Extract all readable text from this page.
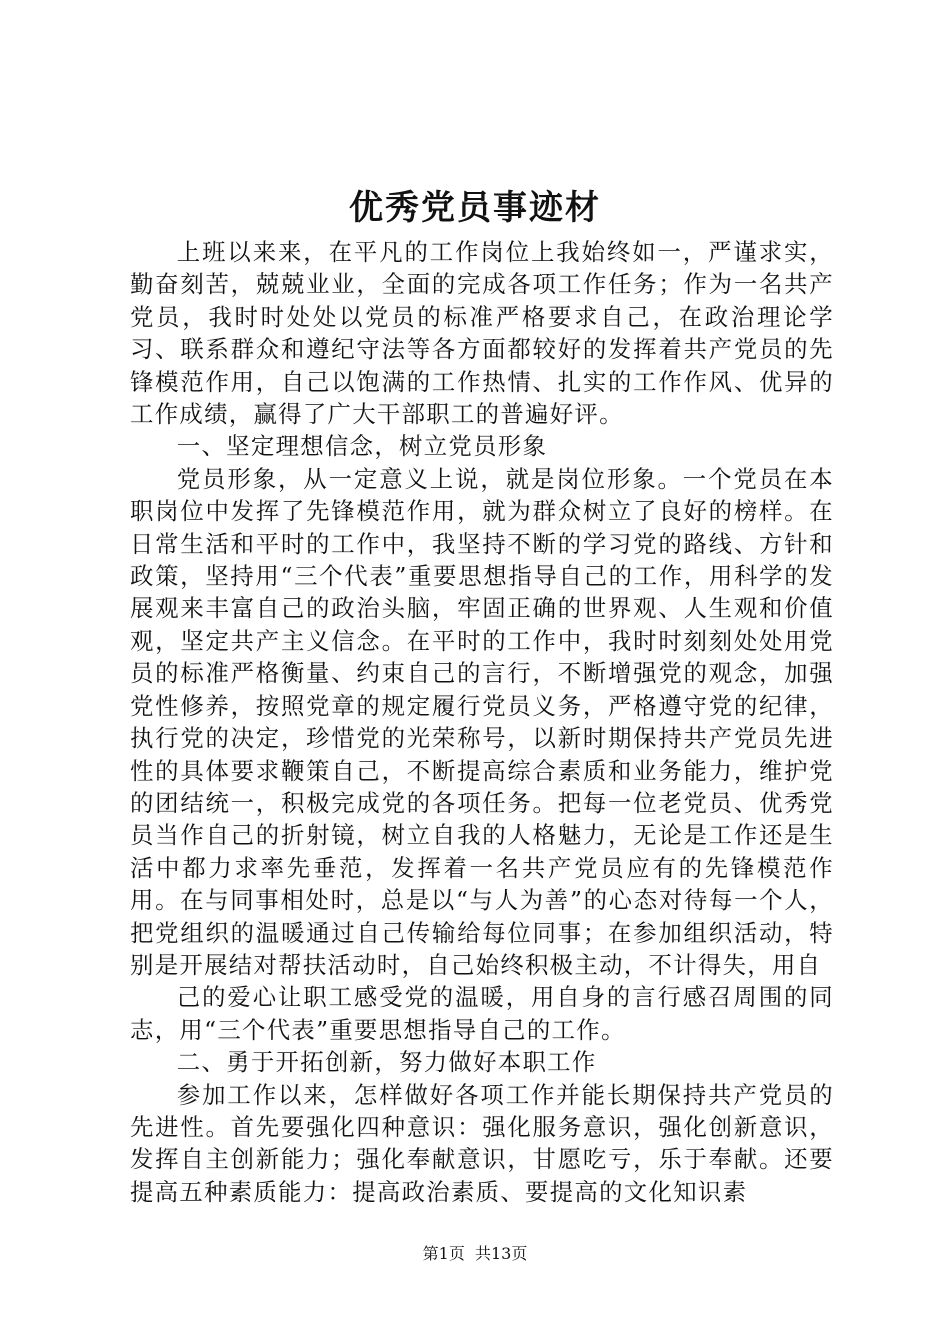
优秀党员事迹材

上班以来来，在平凡的工作岗位上我始终如一，严谨求实，勤奋刻苦，兢兢业业，全面的完成各项工作任务；作为一名共产党员，我时时处处以党员的标准严格要求自己，在政治理论学习、联系群众和遵纪守法等各方面都较好的发挥着共产党员的先锋模范作用，自己以饱满的工作热情、扎实的工作作风、优异的工作成绩，赢得了广大干部职工的普遍好评。

一、坚定理想信念，树立党员形象

党员形象，从一定意义上说，就是岗位形象。一个党员在本职岗位中发挥了先锋模范作用，就为群众树立了良好的榜样。在日常生活和平时的工作中，我坚持不断的学习党的路线、方针和政策，坚持用“三个代表”重要思想指导自己的工作，用科学的发展观来丰富自己的政治头脑，牢固正确的世界观、人生观和价值观，坚定共产主义信念。在平时的工作中，我时时刻刻处处用党员的标准严格衡量、约束自己的言行，不断增强党的观念，加强党性修养，按照党章的规定履行党员义务，严格遵守党的纪律，执行党的决定，珍惜党的光荣称号，以新时期保持共产党员先进性的具体要求鞭策自己，不断提高综合素质和业务能力，维护党的团结统一，积极完成党的各项任务。把每一位老党员、优秀党员当作自己的折射镜，树立自我的人格魅力，无论是工作还是生活中都力求率先垂范，发挥着一名共产党员应有的先锋模范作用。在与同事相处时，总是以“与人为善”的心态对待每一个人，把党组织的温暖通过自己传输给每位同事；在参加组织活动，特别是开展结对帮扶活动时，自己始终积极主动，不计得失，用自

己的爱心让职工感受党的温暖，用自身的言行感召周围的同志，用“三个代表”重要思想指导自己的工作。

二、勇于开拓创新，努力做好本职工作

参加工作以来，怎样做好各项工作并能长期保持共产党员的先进性。首先要强化四种意识：强化服务意识，强化创新意识，发挥自主创新能力；强化奉献意识，甘愿吃亏，乐于奉献。还要提高五种素质能力：提高政治素质、要提高的文化知识素

第1页  共13页
